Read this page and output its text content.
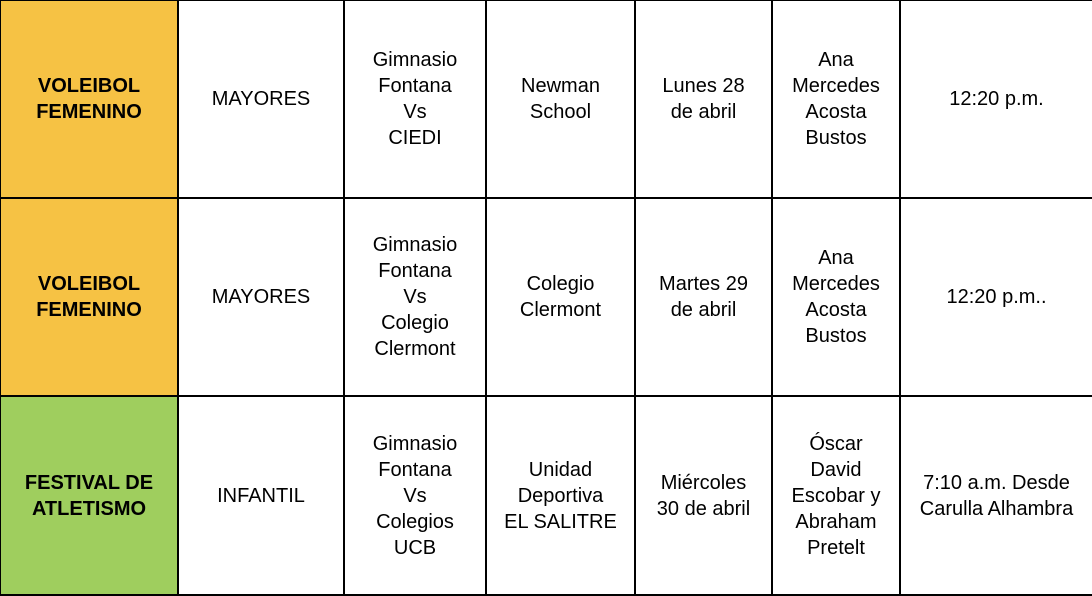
VOLEIBOL
FEMENINO	MAYORES	Gimnasio
Fontana
Vs
CIEDI	Newman
School	Lunes 28
de abril	Ana
Mercedes
Acosta
Bustos	12:20 p.m.

VOLEIBOL
FEMENINO	MAYORES	Gimnasio
Fontana
Vs
Colegio
Clermont	Colegio
Clermont	Martes 29
de abril	Ana
Mercedes
Acosta
Bustos	12:20 p.m..

FESTIVAL DE
ATLETISMO	INFANTIL	Gimnasio
Fontana
Vs
Colegios
UCB	Unidad
Deportiva
EL SALITRE	Miércoles
30 de abril	Óscar
David
Escobar y
Abraham
Pretelt	7:10 a.m. Desde
Carulla Alhambra
